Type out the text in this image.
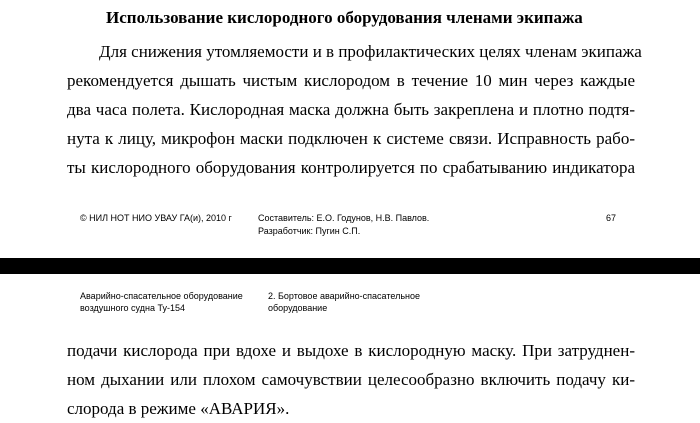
Использование кислородного оборудования членами экипажа
Для снижения утомляемости и в профилактических целях членам экипажа
рекомендуется дышать чистым кислородом в течение 10 мин через каждые
два часа полета. Кислородная маска должна быть закреплена и плотно подтя-
нута к лицу, микрофон маски подключен к системе связи. Исправность рабо-
ты кислородного оборудования контролируется по срабатыванию индикатора
© НИЛ НОТ НИО УВАУ ГА(и), 2010 г	Составитель: Е.О. Годунов, Н.В. Павлов.
Разработчик: Пугин С.П.
67
Аварийно-спасательное оборудование
воздушного судна Ту-154
2. Бортовое аварийно-спасательное
оборудование
подачи кислорода при вдохе и выдохе в кислородную маску. При затруднен-
ном дыхании или плохом самочувствии целесообразно включить подачу ки-
слорода в режиме «АВАРИЯ».
